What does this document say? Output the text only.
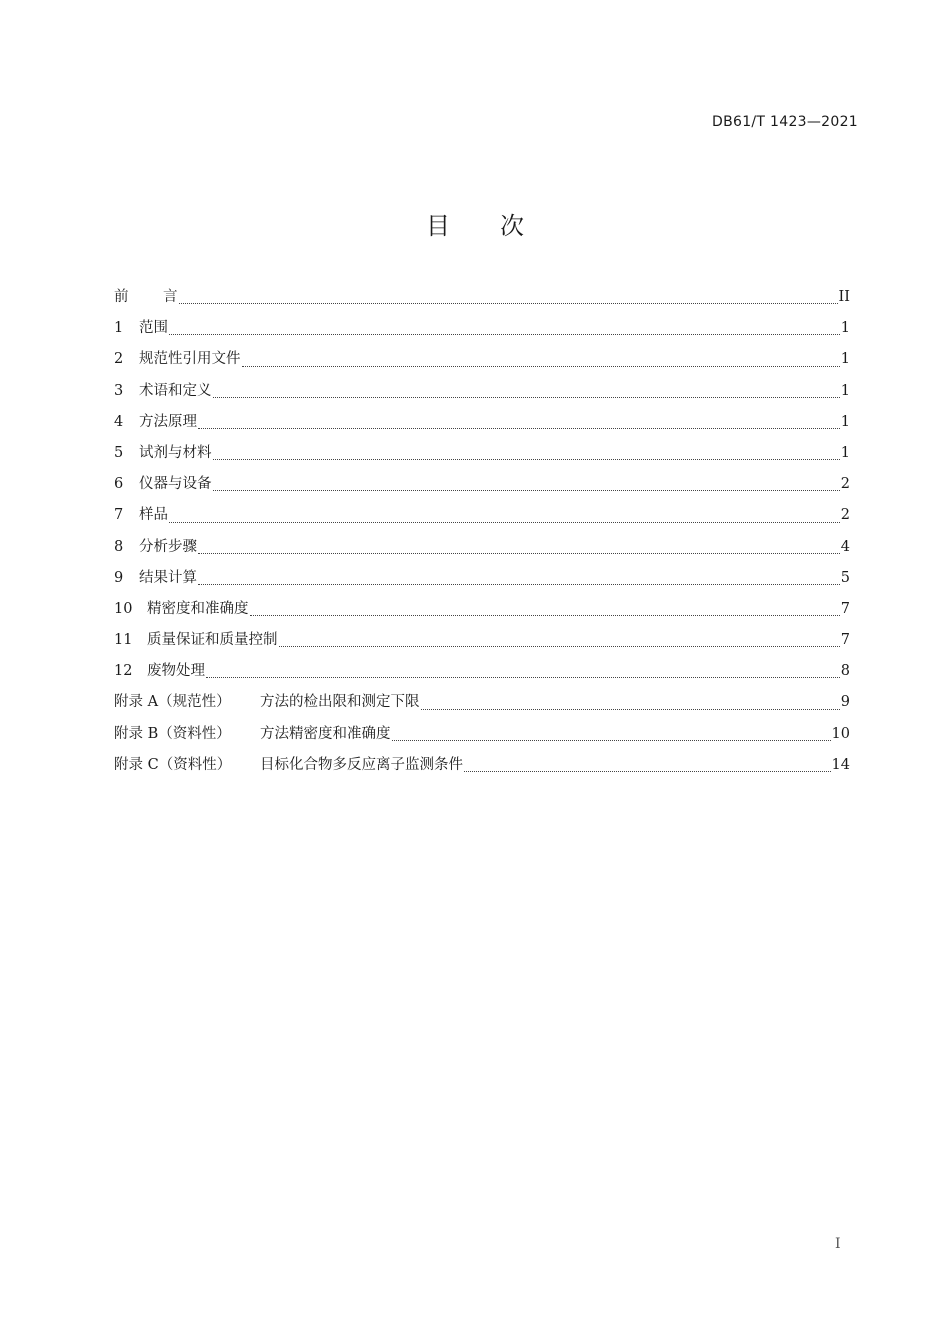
DB61/T 1423—2021
目 次
前	言	II
1	范围	1
2	规范性引用文件	1
3	术语和定义	1
4	方法原理	1
5	试剂与材料	1
6	仪器与设备	2
7	样品	2
8	分析步骤	4
9	结果计算	5
10	精密度和准确度	7
11	质量保证和质量控制	7
12	废物处理	8
附录 A（规范性）	方法的检出限和测定下限	9
附录 B（资料性）	方法精密度和准确度	10
附录 C（资料性）	目标化合物多反应离子监测条件	14
I
